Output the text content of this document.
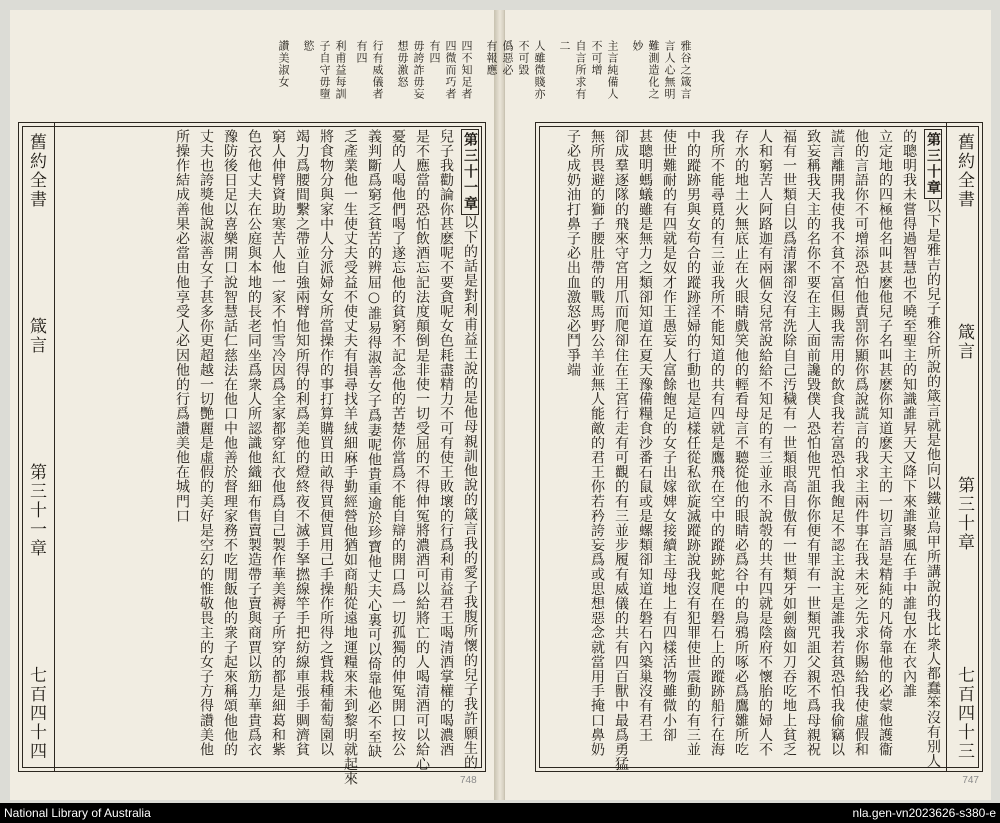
利甫益每訓
子自守毋墮
慾
讚美淑女
舊約全書
箴言
第三十一章
七百四十四
第三十一章以下的話是對利甫益王說的是他母親訓他說的箴言我的愛子我腹所懷的兒子我許願生的
兒子我勸論你甚麽呢不要貪呢女色耗盡精力不可有使王敗壞的行爲利甫益君王喝清酒掌權的喝濃酒
是不應當的恐怕飲酒忘記法度顛倒是非使一切受屈的不得伸冤將濃酒可以給將亡的人喝清酒可以給心
憂的人喝他們喝了遂忘他的貧窮不記念他的苦楚你當爲不能自辯的開口爲一切孤獨的伸冤開口按公
義判斷爲窮乏貧苦的辨屈○誰易得淑善女子爲妻呢他貴重逾於珍寶他丈夫心裏可以倚靠他必不至缺
乏產業他一生使丈夫受益不使丈夫有損尋找羊絨細麻手勤經營他猶如商船從遠地運糧來未到黎明就起來
將食物分與家中人分派婦女所當操作的事打算購買田畝得買便買用己手操作所得之貲栽種葡萄園以
竭力爲腰間繫之帶並自強兩臂他知所得的利爲美他的燈終夜不滅手拏撚線竿手把紡線車張手賙濟貧
窮人伸臂資助寒苦人他一家不怕雪冷因爲全家都穿紅衣他爲自己製作華美褥子所穿的都是細葛和紫
色衣他丈夫在公庭與本地的長老同坐爲衆人所認識他織細布售賣製造帶子賣與商賈以筋力華貴爲衣
豫防後日足以喜樂開口說智慧話仁慈法在他口中他善於督理家務不吃閒飯他的衆子起來稱頌他他的
丈夫也誇獎他說淑善女子甚多你更超越一切艷麗是虛假的美好是空幻的惟敬畏主的女子方得讚美他
所操作結成善果必當由他享受人必因他的行爲讚美他在城門口
748
雅谷之箴言
言人心無明
難測造化之
妙
主言純備人
不可增
自言所求有
二
人雖微賤亦
不可毀
僞惡必
有報應
四不知足者
四微而巧者
有四
毋誇詐毋妄
想毋激怒
行有威儀者
有四
舊約全書
箴言
第三十章
七百四十三
第三十章以下是雅吉的兒子雅谷所說的箴言就是他向以鐵並烏甲所講說的我比衆人都蠢笨沒有別人
的聰明我未嘗得過智慧也不曉至聖主的知識誰昇天又降下來誰聚風在手中誰包水在衣內誰
立定地的四極他名叫甚麽他兒子名叫甚麽你知道麽天主的一切言語是精純的凡倚靠他的必蒙他護衞
他的言語你不可增添恐怕他責罰你顯你爲說謊言的我求主兩件事在我未死之先求你賜給我使虛假和
謊言離開我使我不貧不富但賜我需用的飲食我若富恐怕我飽足不認主說主是誰我若貧恐怕我偷竊以
致妄稱我天主的名你不要在主人面前讒毀僕人恐怕他咒詛你你便有罪有一世類咒詛父親不爲母親祝
福有一世類自以爲清潔卻沒有洗除自己汚穢有一世類眼高目傲有一世類牙如劍齒如刀吞吃地上貧乏
人和窮苦人阿路迦有兩個女兒常說給給不知足的有三並永不說彀的共有四就是陰府不懷胎的婦人不
存水的地土火無底止在火眼睛戲笑他的輕看母言不聽從他的眼睛必爲谷中的鳥鴉所啄必爲鷹雛所吃
我所不能尋覓的有三並我所不能知道的共有四就是鷹飛在空中的蹤跡蛇爬在磐石上的蹤跡船行在海
中的蹤跡男與女苟合的蹤跡淫婦的行動也是這樣任從私欲旋滅蹤跡說我沒有犯罪使世震動的有三並
使世難耐的有四就是奴才作王愚妄人富餘飽足的女子出嫁婢女接續主母地上有四樣活物雖微小卻
甚聰明螞蟻雖是無力之類卻知道在夏天豫備糧食沙番石鼠或是螺類卻知道在磐石內築巢沒有君王
卻成羣逐隊的飛來守宮用爪而爬卻住在王宮行走有可觀的有三並步履有威儀的共有四百獸中最爲勇猛
無所畏避的獅子腰肚帶的戰馬野公羊並無人能敵的君王你若矜誇妄爲或思想惡念就當用手掩口鼻奶
子必成奶油打鼻子必出血激怒必鬥爭端
747
National Library of Australia	nla.gen-vn2023626-s380-e
